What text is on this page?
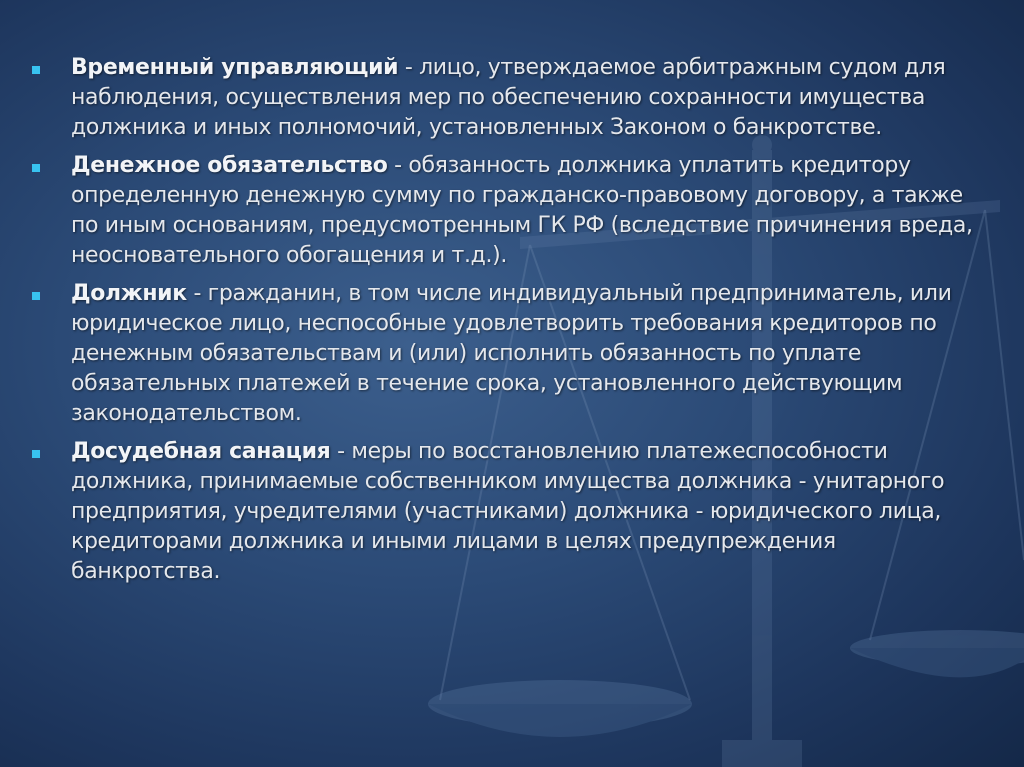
Временный управляющий - лицо, утверждаемое арбитражным судом для наблюдения, осуществления мер по обеспечению сохранности имущества должника и иных полномочий, установленных Законом о банкротстве.
Денежное обязательство - обязанность должника уплатить кредитору определенную денежную сумму по гражданско-правовому договору, а также по иным основаниям, предусмотренным ГК РФ (вследствие причинения вреда, неосновательного обогащения и т.д.).
Должник - гражданин, в том числе индивидуальный предприниматель, или юридическое лицо, неспособные удовлетворить требования кредиторов по денежным обязательствам и (или) исполнить обязанность по уплате обязательных платежей в течение срока, установленного действующим законодательством.
Досудебная санация - меры по восстановлению платежеспособности должника, принимаемые собственником имущества должника - унитарного предприятия, учредителями (участниками) должника - юридического лица, кредиторами должника и иными лицами в целях предупреждения банкротства.
